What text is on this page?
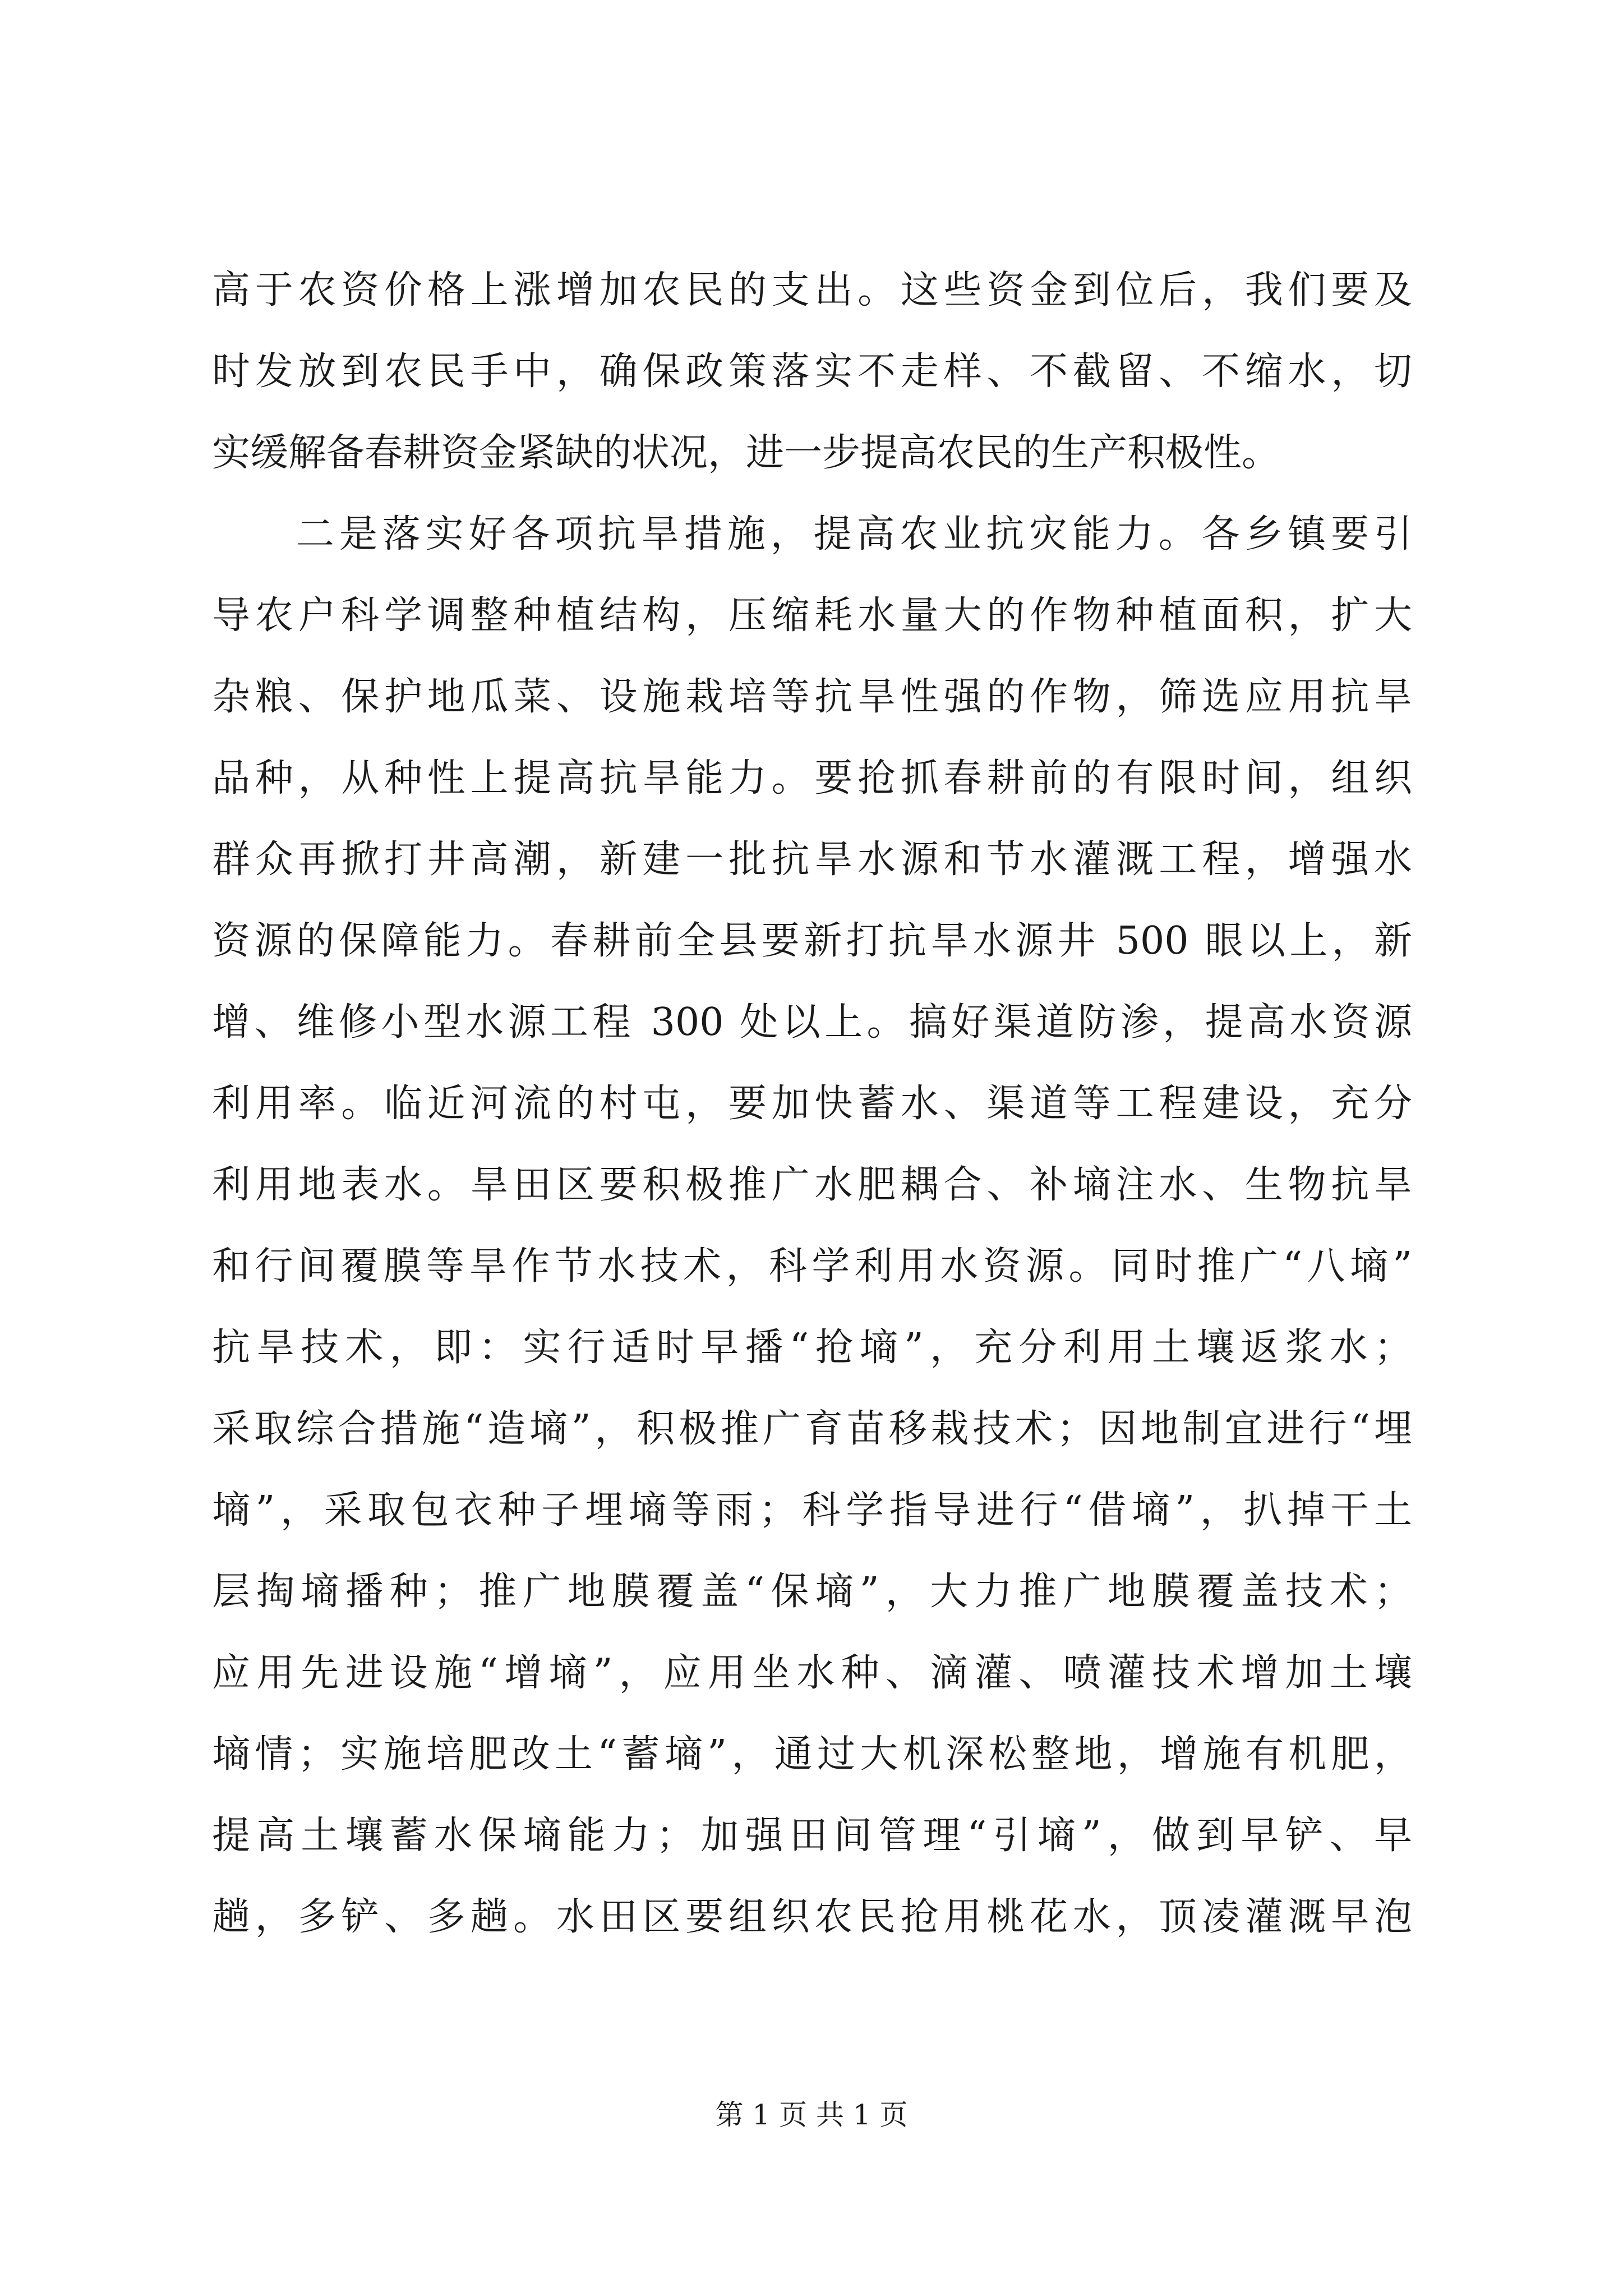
高于农资价格上涨增加农民的支出。这些资金到位后，我们要及
时发放到农民手中，确保政策落实不走样、不截留、不缩水，切
实缓解备春耕资金紧缺的状况，进一步提高农民的生产积极性。
二是落实好各项抗旱措施，提高农业抗灾能力。各乡镇要引
导农户科学调整种植结构，压缩耗水量大的作物种植面积，扩大
杂粮、保护地瓜菜、设施栽培等抗旱性强的作物，筛选应用抗旱
品种，从种性上提高抗旱能力。要抢抓春耕前的有限时间，组织
群众再掀打井高潮，新建一批抗旱水源和节水灌溉工程，增强水
资源的保障能力。春耕前全县要新打抗旱水源井 500 眼以上，新
增、维修小型水源工程 300 处以上。搞好渠道防渗，提高水资源
利用率。临近河流的村屯，要加快蓄水、渠道等工程建设，充分
利用地表水。旱田区要积极推广水肥耦合、补墒注水、生物抗旱
和行间覆膜等旱作节水技术，科学利用水资源。同时推广“八墒”
抗旱技术，即：实行适时早播“抢墒”，充分利用土壤返浆水；
采取综合措施“造墒”，积极推广育苗移栽技术；因地制宜进行“埋
墒”，采取包衣种子埋墒等雨；科学指导进行“借墒”，扒掉干土
层掏墒播种；推广地膜覆盖“保墒”，大力推广地膜覆盖技术；
应用先进设施“增墒”，应用坐水种、滴灌、喷灌技术增加土壤
墒情；实施培肥改土“蓄墒”，通过大机深松整地，增施有机肥，
提高土壤蓄水保墒能力；加强田间管理“引墒”，做到早铲、早
趟，多铲、多趟。水田区要组织农民抢用桃花水，顶凌灌溉早泡
第 1 页 共 1 页
